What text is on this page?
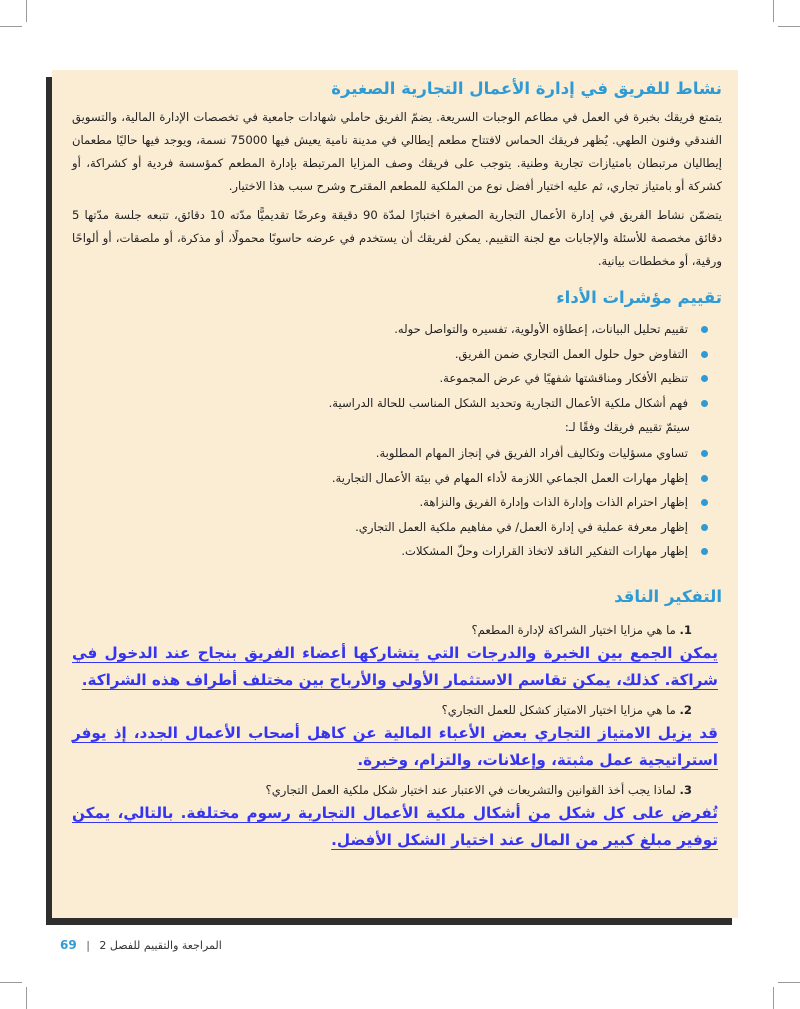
نشاط للفريق في إدارة الأعمال التجارية الصغيرة

يتمتع فريقك بخبرة في العمل في مطاعم الوجبات السريعة. يضمّ الفريق حاملي شهادات جامعية في تخصصات الإدارة المالية، والتسويق الفندقي وفنون الطهي. يُظهر فريقك الحماس لافتتاح مطعم إيطالي في مدينة نامية يعيش فيها 75000 نسمة، ويوجد فيها حاليًا مطعمان إيطاليان مرتبطان بامتيازات تجارية وطنية. يتوجب على فريقك وصف المزايا المرتبطة بإدارة المطعم كمؤسسة فردية أو كشراكة، أو كشركة أو بامتياز تجاري، ثم عليه اختيار أفضل نوع من الملكية للمطعم المقترح وشرح سبب هذا الاختيار.

يتضمّن نشاط الفريق في إدارة الأعمال التجارية الصغيرة اختبارًا لمدّة 90 دقيقة وعرضًا تقديميًّا مدّته 10 دقائق، تتبعه جلسة مدّتها 5 دقائق مخصصة للأسئلة والإجابات مع لجنة التقييم. يمكن لفريقك أن يستخدم في عرضه حاسوبًا محمولًا، أو مذكرة، أو ملصقات، أو ألواحًا ورقية، أو مخططات بيانية.

تقييم مؤشرات الأداء
تقييم تحليل البيانات، إعطاؤه الأولوية، تفسيره والتواصل حوله.
التفاوض حول حلول العمل التجاري ضمن الفريق.
تنظيم الأفكار ومناقشتها شفهيًا في عرض المجموعة.
فهم أشكال ملكية الأعمال التجارية وتحديد الشكل المناسب للحالة الدراسية.
سيتمّ تقييم فريقك وفقًا لـ:
تساوي مسؤليات وتكاليف أفراد الفريق في إنجاز المهام المطلوبة.
إظهار مهارات العمل الجماعي اللازمة لأداء المهام في بيئة الأعمال التجارية.
إظهار احترام الذات وإدارة الذات وإدارة الفريق والنزاهة.
إظهار معرفة عملية في إدارة العمل/ في مفاهيم ملكية العمل التجاري.
إظهار مهارات التفكير الناقد لاتخاذ القرارات وحلّ المشكلات.
التفكير الناقد
1. ما هي مزايا اختيار الشراكة لإدارة المطعم؟

يمكن الجمع بين الخبرة والدرجات التي يتشاركها أعضاء الفريق بنجاح عند الدخول في شراكة. كذلك، يمكن تقاسم الاستثمار الأولي والأرباح بين مختلف أطراف هذه الشراكة.

2. ما هي مزايا اختيار الامتياز كشكل للعمل التجاري؟

قد يزيل الامتياز التجاري بعض الأعباء المالية عن كاهل أصحاب الأعمال الجدد، إذ يوفر استراتيجية عمل مثبتة، وإعلانات، والتزام، وخبرة.

3. لماذا يجب أخذ القوانين والتشريعات في الاعتبار عند اختيار شكل ملكية العمل التجاري؟

تُفرض على كل شكل من أشكال ملكية الأعمال التجارية رسوم مختلفة. بالتالي، يمكن توفير مبلغ كبير من المال عند اختيار الشكل الأفضل.

المراجعة والتقييم للفصل 2 | 69
